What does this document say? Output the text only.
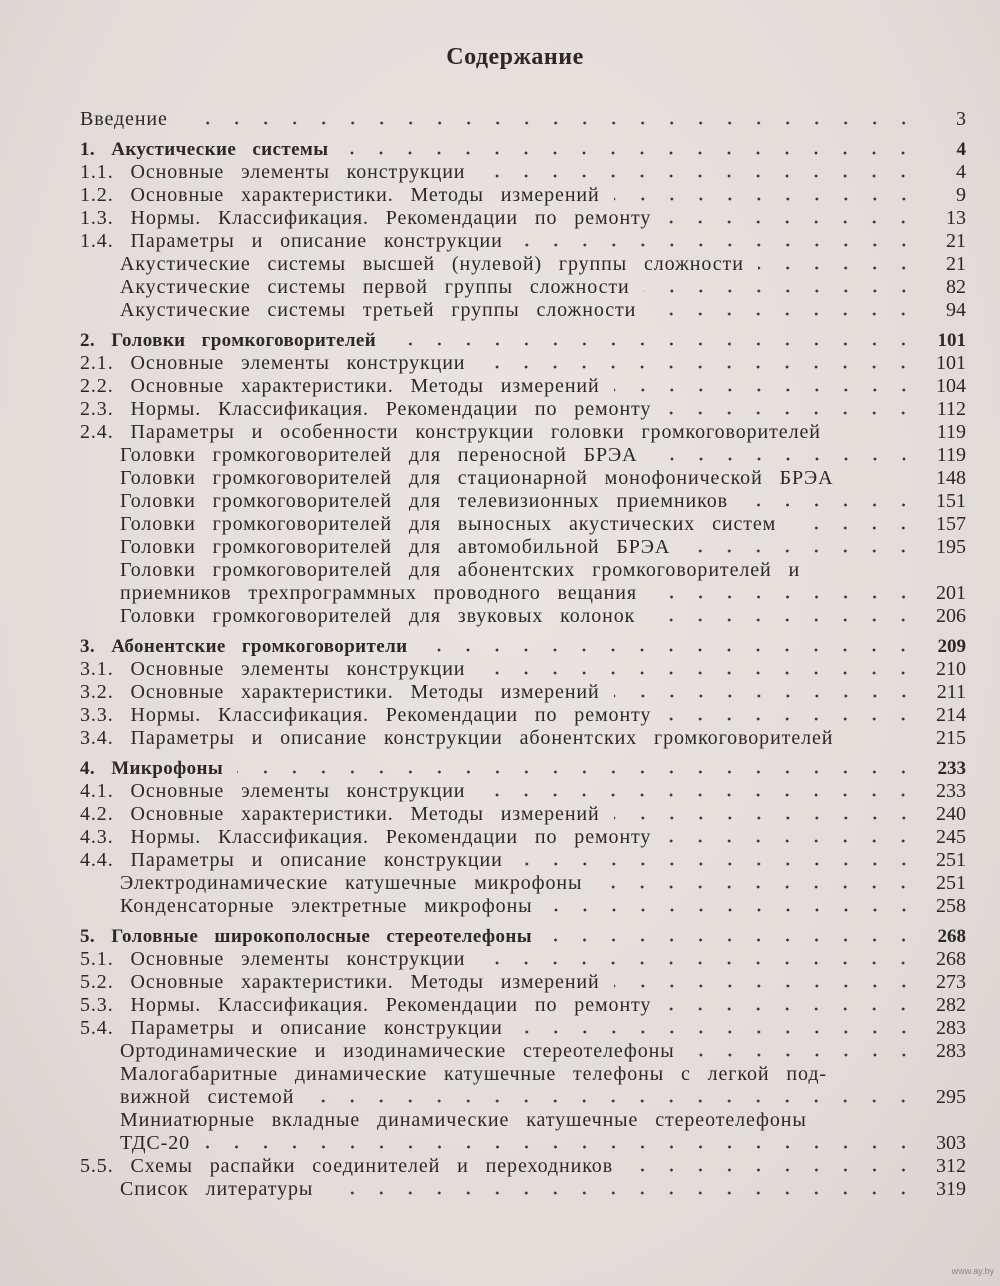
Содержание
Введение	3
1. Акустические системы	4
1.1. Основные элементы конструкции	4
1.2. Основные характеристики. Методы измерений	9
1.3. Нормы. Классификация. Рекомендации по ремонту	13
1.4. Параметры и описание конструкции	21
Акустические системы высшей (нулевой) группы сложности	21
Акустические системы первой группы сложности	82
Акустические системы третьей группы сложности	94
2. Головки громкоговорителей	101
2.1. Основные элементы конструкции	101
2.2. Основные характеристики. Методы измерений	104
2.3. Нормы. Классификация. Рекомендации по ремонту	112
2.4. Параметры и особенности конструкции головки громкоговорителей	119
Головки громкоговорителей для переносной БРЭА	119
Головки громкоговорителей для стационарной монофонической БРЭА	148
Головки громкоговорителей для телевизионных приемников	151
Головки громкоговорителей для выносных акустических систем	157
Головки громкоговорителей для автомобильной БРЭА	195
Головки громкоговорителей для абонентских громкоговорителей и
приемников трехпрограммных проводного вещания	201
Головки громкоговорителей для звуковых колонок	206
3. Абонентские громкоговорители	209
3.1. Основные элементы конструкции	210
3.2. Основные характеристики. Методы измерений	211
3.3. Нормы. Классификация. Рекомендации по ремонту	214
3.4. Параметры и описание конструкции абонентских громкоговорителей	215
4. Микрофоны	233
4.1. Основные элементы конструкции	233
4.2. Основные характеристики. Методы измерений	240
4.3. Нормы. Классификация. Рекомендации по ремонту	245
4.4. Параметры и описание конструкции	251
Электродинамические катушечные микрофоны	251
Конденсаторные электретные микрофоны	258
5. Головные широкополосные стереотелефоны	268
5.1. Основные элементы конструкции	268
5.2. Основные характеристики. Методы измерений	273
5.3. Нормы. Классификация. Рекомендации по ремонту	282
5.4. Параметры и описание конструкции	283
Ортодинамические и изодинамические стереотелефоны	283
Малогабаритные динамические катушечные телефоны с легкой под-
вижной системой	295
Миниатюрные вкладные динамические катушечные стереотелефоны
ТДС-20	303
5.5. Схемы распайки соединителей и переходников	312
Список литературы	319
www.ay.by
